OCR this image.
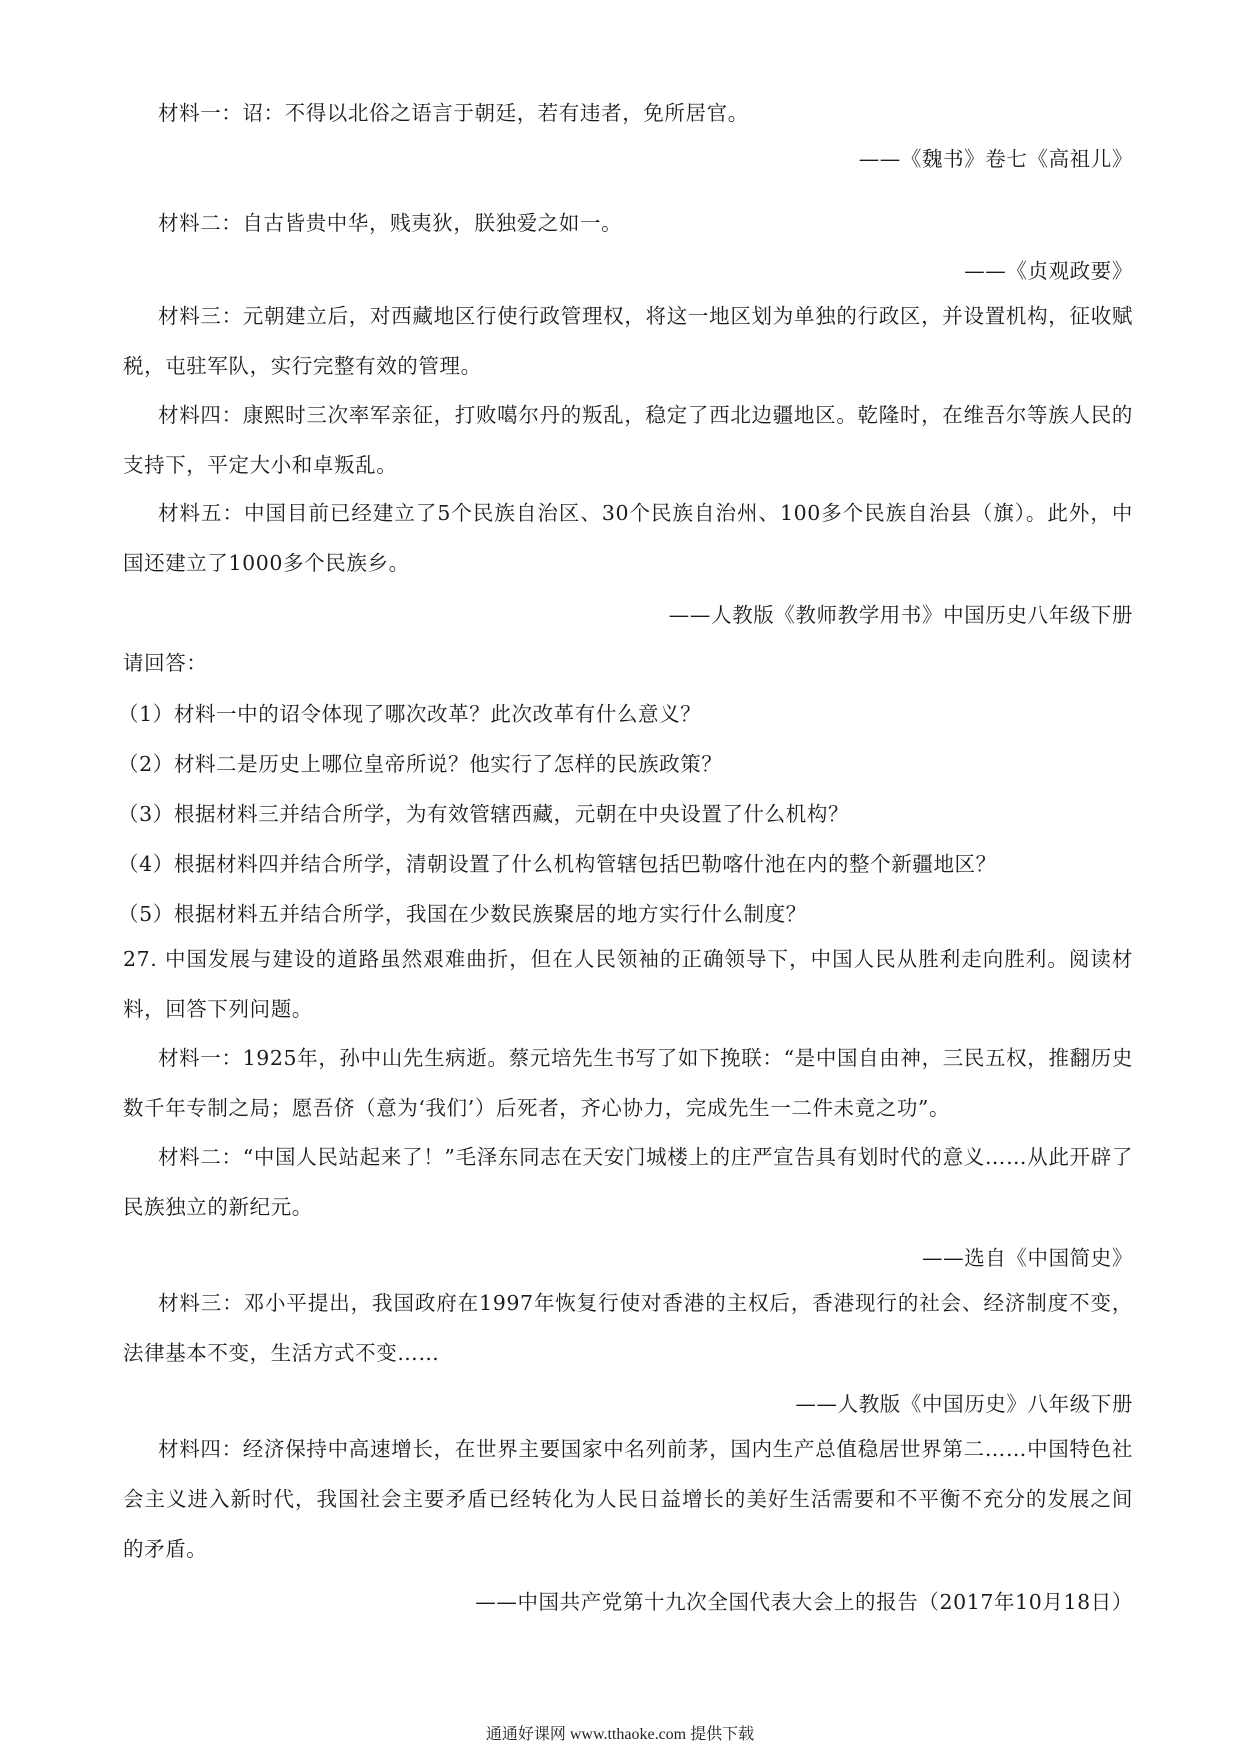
材料一：诏：不得以北俗之语言于朝廷，若有违者，免所居官。
——《魏书》卷七《高祖儿》
材料二：自古皆贵中华，贱夷狄，朕独爱之如一。
——《贞观政要》
材料三：元朝建立后，对西藏地区行使行政管理权，将这一地区划为单独的行政区，并设置机构，征收赋税，屯驻军队，实行完整有效的管理。
材料四：康熙时三次率军亲征，打败噶尔丹的叛乱，稳定了西北边疆地区。乾隆时，在维吾尔等族人民的支持下，平定大小和卓叛乱。
材料五：中国目前已经建立了5个民族自治区、30个民族自治州、100多个民族自治县（旗）。此外，中国还建立了1000多个民族乡。
——人教版《教师教学用书》中国历史八年级下册
请回答：
（1）材料一中的诏令体现了哪次改革？此次改革有什么意义？
（2）材料二是历史上哪位皇帝所说？他实行了怎样的民族政策？
（3）根据材料三并结合所学，为有效管辖西藏，元朝在中央设置了什么机构？
（4）根据材料四并结合所学，清朝设置了什么机构管辖包括巴勒喀什池在内的整个新疆地区？
（5）根据材料五并结合所学，我国在少数民族聚居的地方实行什么制度？
27. 中国发展与建设的道路虽然艰难曲折，但在人民领袖的正确领导下，中国人民从胜利走向胜利。阅读材料，回答下列问题。
材料一：1925年，孙中山先生病逝。蔡元培先生书写了如下挽联：“是中国自由神，三民五权，推翻历史数千年专制之局；愿吾侪（意为‘我们’）后死者，齐心协力，完成先生一二件未竟之功”。
材料二：“中国人民站起来了！”毛泽东同志在天安门城楼上的庄严宣告具有划时代的意义……从此开辟了民族独立的新纪元。
——选自《中国简史》
材料三：邓小平提出，我国政府在1997年恢复行使对香港的主权后，香港现行的社会、经济制度不变，法律基本不变，生活方式不变……
——人教版《中国历史》八年级下册
材料四：经济保持中高速增长，在世界主要国家中名列前茅，国内生产总值稳居世界第二……中国特色社会主义进入新时代，我国社会主要矛盾已经转化为人民日益增长的美好生活需要和不平衡不充分的发展之间的矛盾。
——中国共产党第十九次全国代表大会上的报告（2017年10月18日）
通通好课网 www.tthaoke.com 提供下载
